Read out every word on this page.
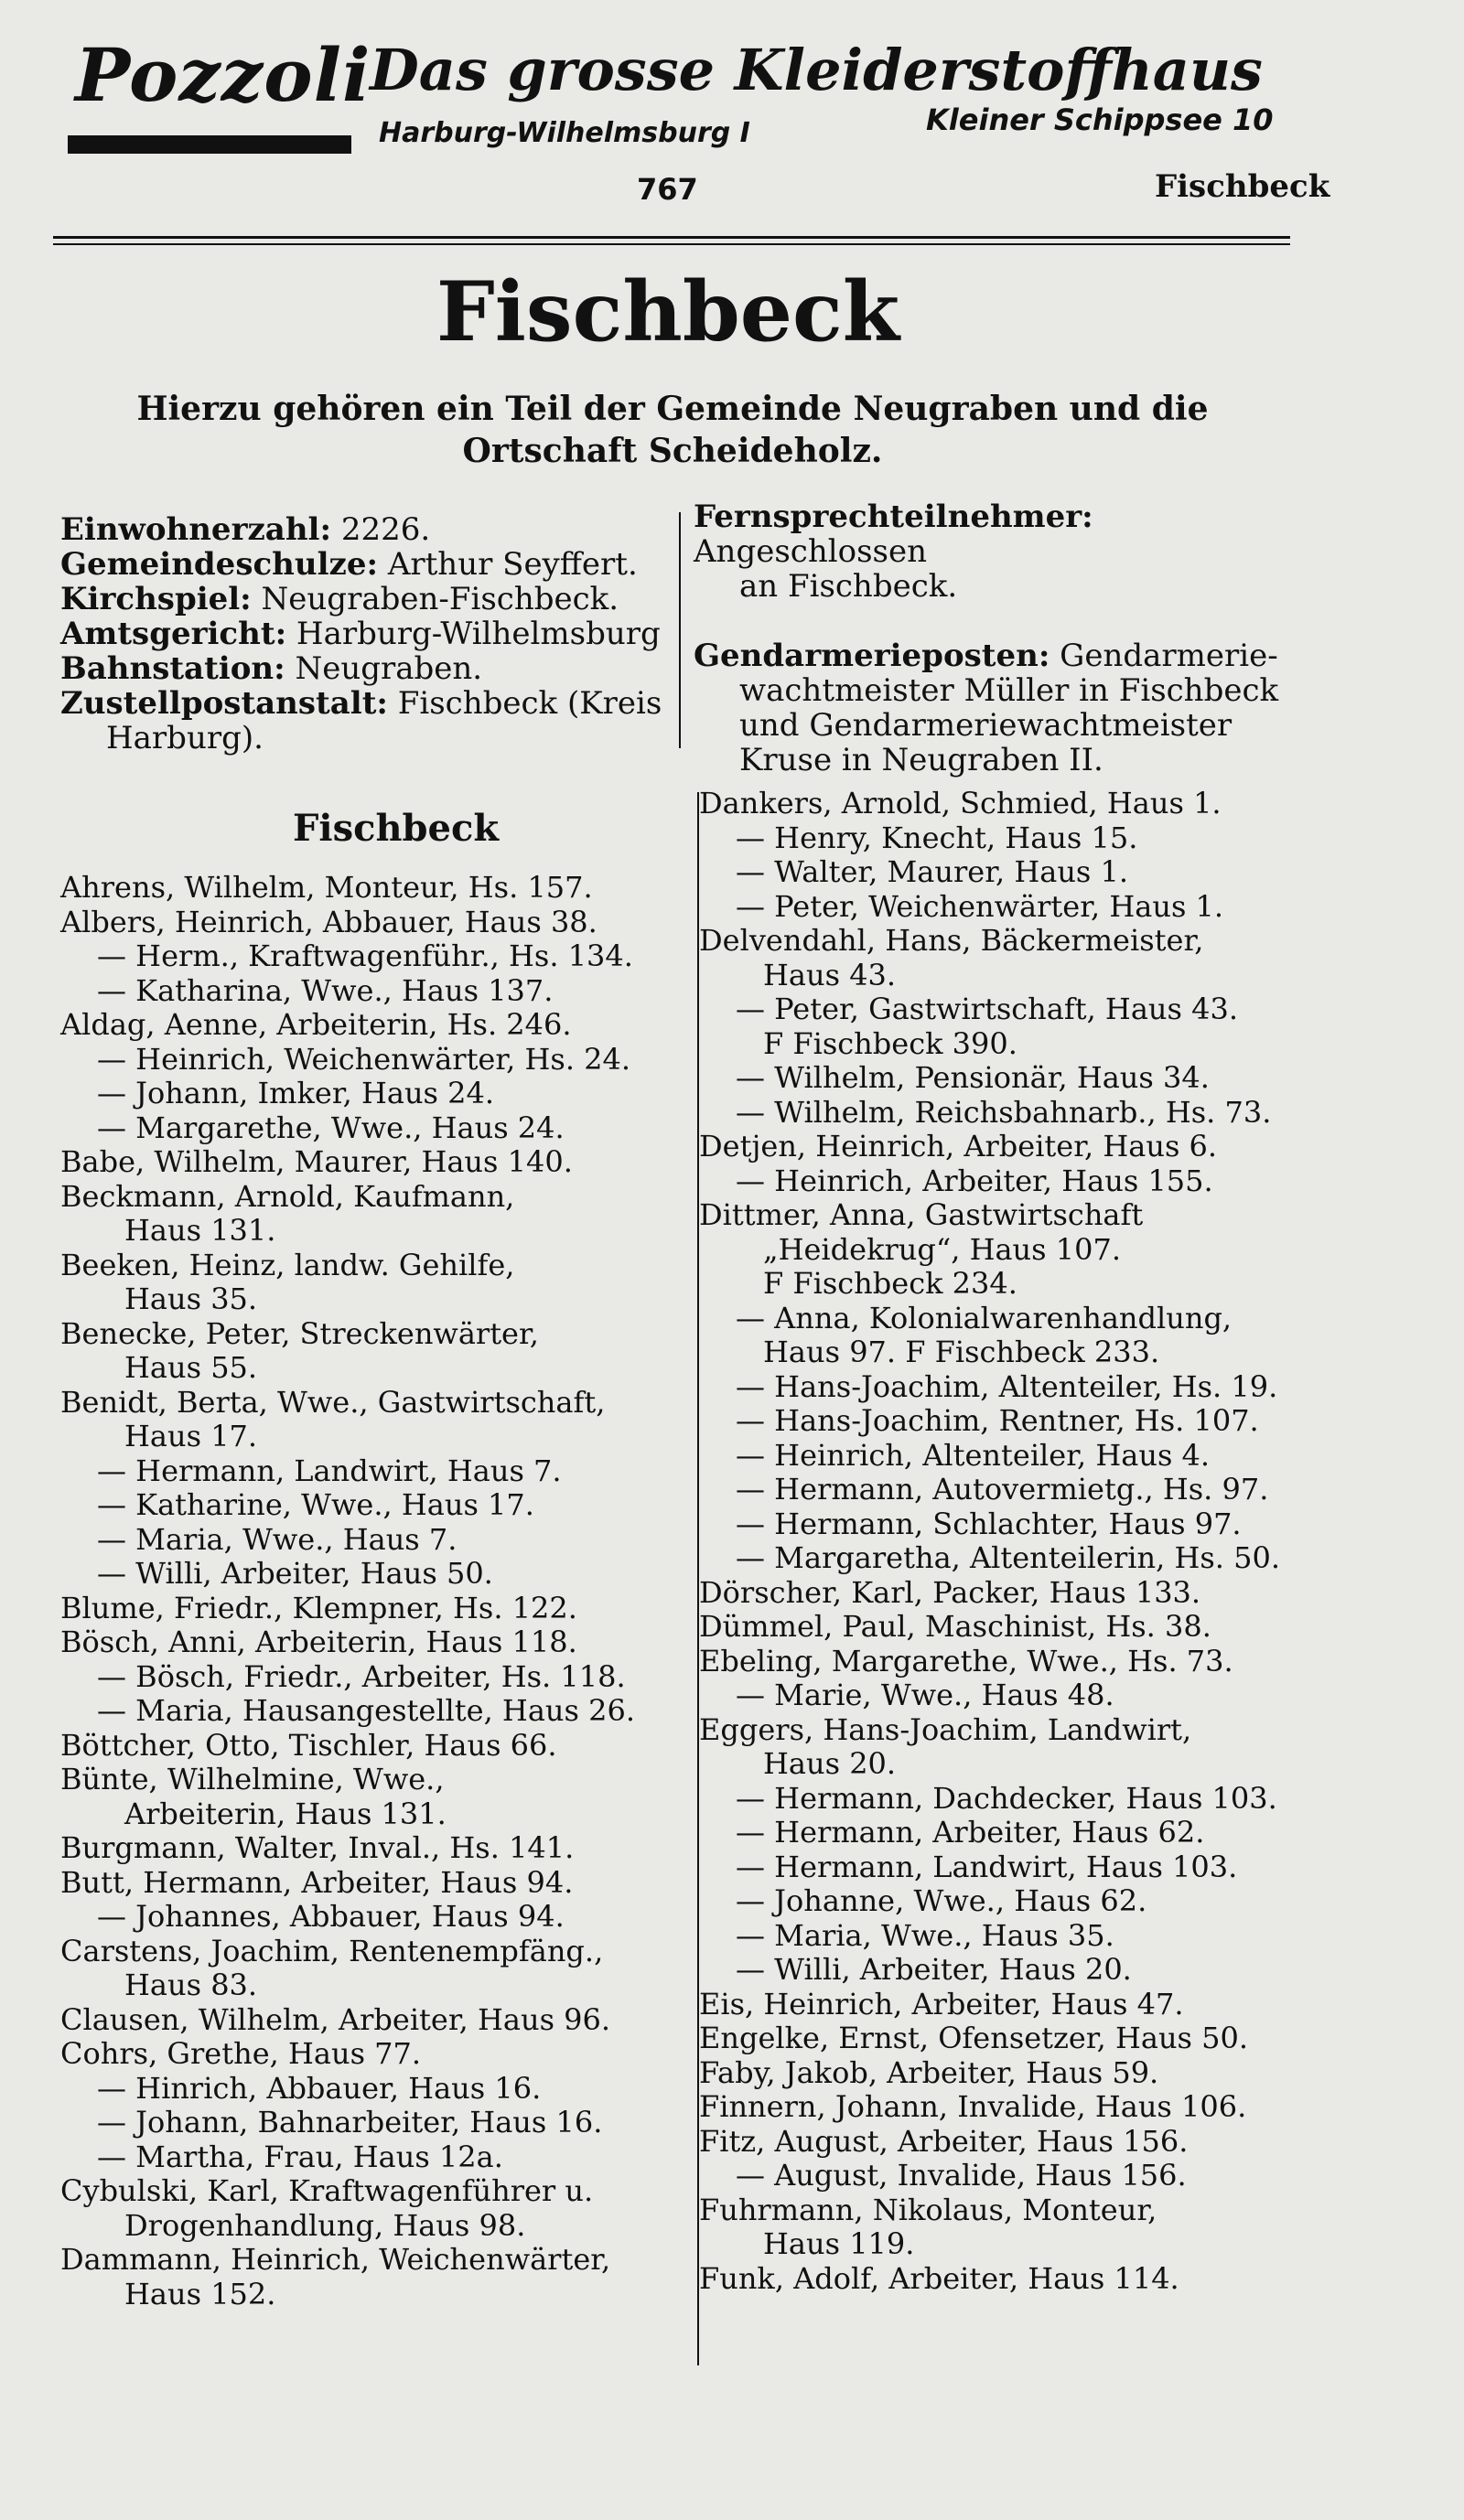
Pozzoli
Das grosse Kleiderstoffhaus
Harburg-Wilhelmsburg I	Kleiner Schippsee 10
767	Fischbeck
Fischbeck
Hierzu gehören ein Teil der Gemeinde Neugraben und die Ortschaft Scheideholz.

Einwohnerzahl: 2226.

Gemeindeschulze: Arthur Seyffert.

Kirchspiel: Neugraben-Fischbeck.

Amtsgericht: Harburg-Wilhelmsburg

Bahnstation: Neugraben.

Zustellpostanstalt: Fischbeck (Kreis

Harburg).

Fernsprechteilnehmer: Angeschlossen

an Fischbeck.

Gendarmerieposten: Gendarmerie-

wachtmeister Müller in Fischbeck

und Gendarmeriewachtmeister

Kruse in Neugraben II.

Fischbeck

Ahrens, Wilhelm, Monteur, Hs. 157.

Albers, Heinrich, Abbauer, Haus 38.

— Herm., Kraftwagenführ., Hs. 134.

— Katharina, Wwe., Haus 137.

Aldag, Aenne, Arbeiterin, Hs. 246.

— Heinrich, Weichenwärter, Hs. 24.

— Johann, Imker, Haus 24.

— Margarethe, Wwe., Haus 24.

Babe, Wilhelm, Maurer, Haus 140.

Beckmann, Arnold, Kaufmann,

Haus 131.

Beeken, Heinz, landw. Gehilfe,

Haus 35.

Benecke, Peter, Streckenwärter,

Haus 55.

Benidt, Berta, Wwe., Gastwirtschaft,

Haus 17.

— Hermann, Landwirt, Haus 7.

— Katharine, Wwe., Haus 17.

— Maria, Wwe., Haus 7.

— Willi, Arbeiter, Haus 50.

Blume, Friedr., Klempner, Hs. 122.

Bösch, Anni, Arbeiterin, Haus 118.

— Bösch, Friedr., Arbeiter, Hs. 118.

— Maria, Hausangestellte, Haus 26.

Böttcher, Otto, Tischler, Haus 66.

Bünte, Wilhelmine, Wwe.,

Arbeiterin, Haus 131.

Burgmann, Walter, Inval., Hs. 141.

Butt, Hermann, Arbeiter, Haus 94.

— Johannes, Abbauer, Haus 94.

Carstens, Joachim, Rentenempfäng.,

Haus 83.

Clausen, Wilhelm, Arbeiter, Haus 96.

Cohrs, Grethe, Haus 77.

— Hinrich, Abbauer, Haus 16.

— Johann, Bahnarbeiter, Haus 16.

— Martha, Frau, Haus 12a.

Cybulski, Karl, Kraftwagenführer u.

Drogenhandlung, Haus 98.

Dammann, Heinrich, Weichenwärter,

Haus 152.

Dankers, Arnold, Schmied, Haus 1.

— Henry, Knecht, Haus 15.

— Walter, Maurer, Haus 1.

— Peter, Weichenwärter, Haus 1.

Delvendahl, Hans, Bäckermeister,

Haus 43.

— Peter, Gastwirtschaft, Haus 43.

F Fischbeck 390.

— Wilhelm, Pensionär, Haus 34.

— Wilhelm, Reichsbahnarb., Hs. 73.

Detjen, Heinrich, Arbeiter, Haus 6.

— Heinrich, Arbeiter, Haus 155.

Dittmer, Anna, Gastwirtschaft

„Heidekrug“, Haus 107.

F Fischbeck 234.

— Anna, Kolonialwarenhandlung,

Haus 97. F Fischbeck 233.

— Hans-Joachim, Altenteiler, Hs. 19.

— Hans-Joachim, Rentner, Hs. 107.

— Heinrich, Altenteiler, Haus 4.

— Hermann, Autovermietg., Hs. 97.

— Hermann, Schlachter, Haus 97.

— Margaretha, Altenteilerin, Hs. 50.

Dörscher, Karl, Packer, Haus 133.

Dümmel, Paul, Maschinist, Hs. 38.

Ebeling, Margarethe, Wwe., Hs. 73.

— Marie, Wwe., Haus 48.

Eggers, Hans-Joachim, Landwirt,

Haus 20.

— Hermann, Dachdecker, Haus 103.

— Hermann, Arbeiter, Haus 62.

— Hermann, Landwirt, Haus 103.

— Johanne, Wwe., Haus 62.

— Maria, Wwe., Haus 35.

— Willi, Arbeiter, Haus 20.

Eis, Heinrich, Arbeiter, Haus 47.

Engelke, Ernst, Ofensetzer, Haus 50.

Faby, Jakob, Arbeiter, Haus 59.

Finnern, Johann, Invalide, Haus 106.

Fitz, August, Arbeiter, Haus 156.

— August, Invalide, Haus 156.

Fuhrmann, Nikolaus, Monteur,

Haus 119.

Funk, Adolf, Arbeiter, Haus 114.
